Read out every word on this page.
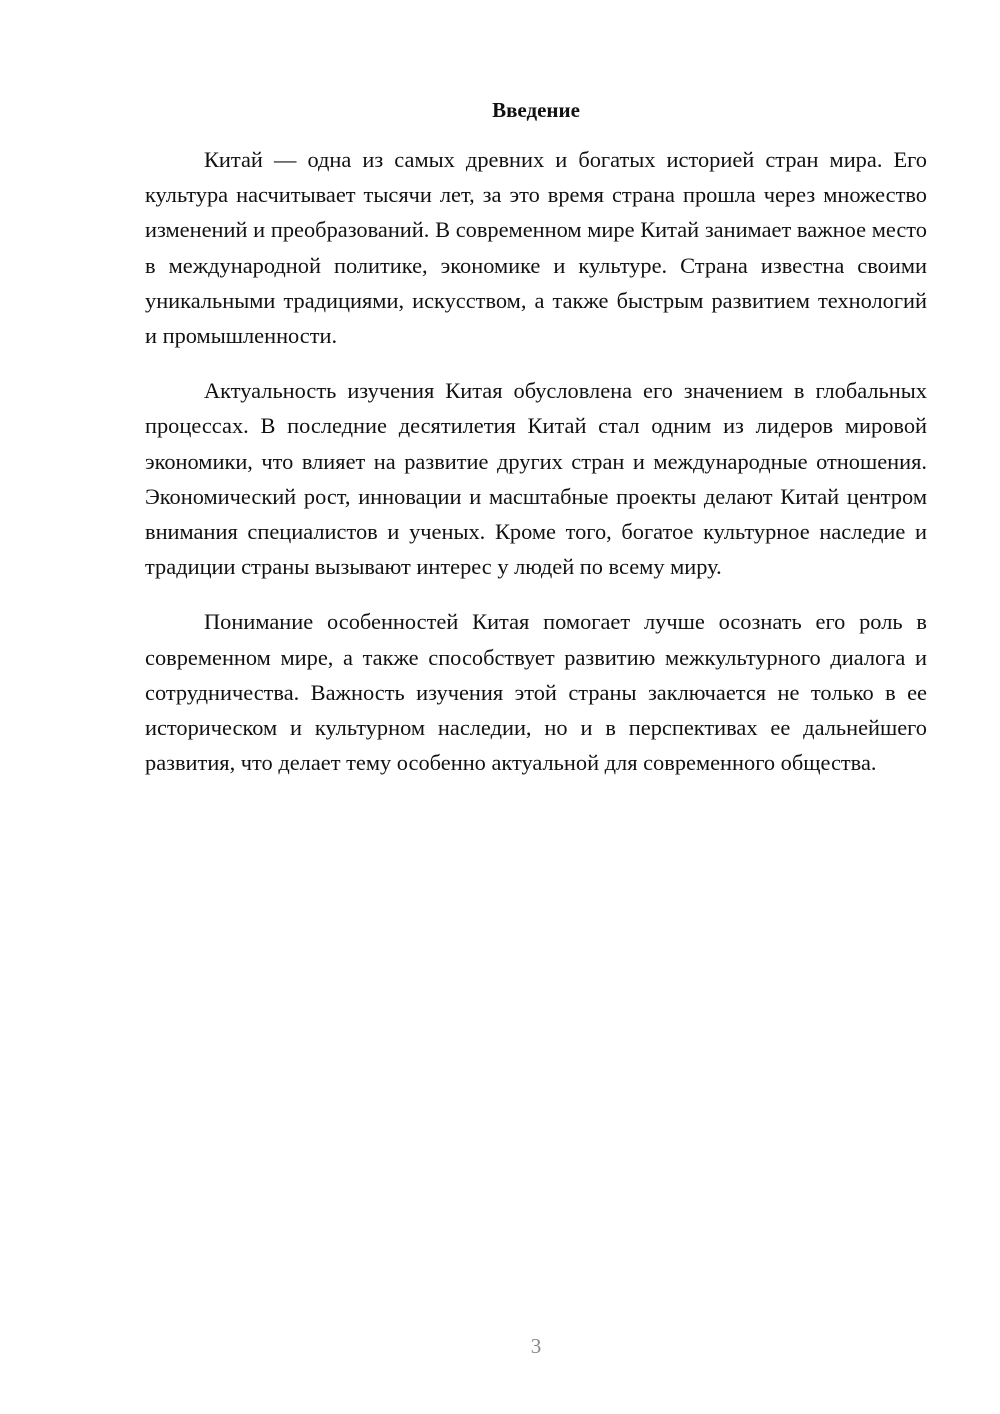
Введение

Китай — одна из самых древних и богатых историей стран мира. Его культура насчитывает тысячи лет, за это время страна прошла через множество изменений и преобразований. В современном мире Китай занимает важное место в международной политике, экономике и культуре. Страна известна своими уникальными традициями, искусством, а также быстрым развитием технологий и промышленности.

Актуальность изучения Китая обусловлена его значением в глобальных процессах. В последние десятилетия Китай стал одним из лидеров мировой экономики, что влияет на развитие других стран и международные отношения. Экономический рост, инновации и масштабные проекты делают Китай центром внимания специалистов и ученых. Кроме того, богатое культурное наследие и традиции страны вызывают интерес у людей по всему миру.

Понимание особенностей Китая помогает лучше осознать его роль в современном мире, а также способствует развитию межкультурного диалога и сотрудничества. Важность изучения этой страны заключается не только в ее историческом и культурном наследии, но и в перспективах ее дальнейшего развития, что делает тему особенно актуальной для современного общества.

3
